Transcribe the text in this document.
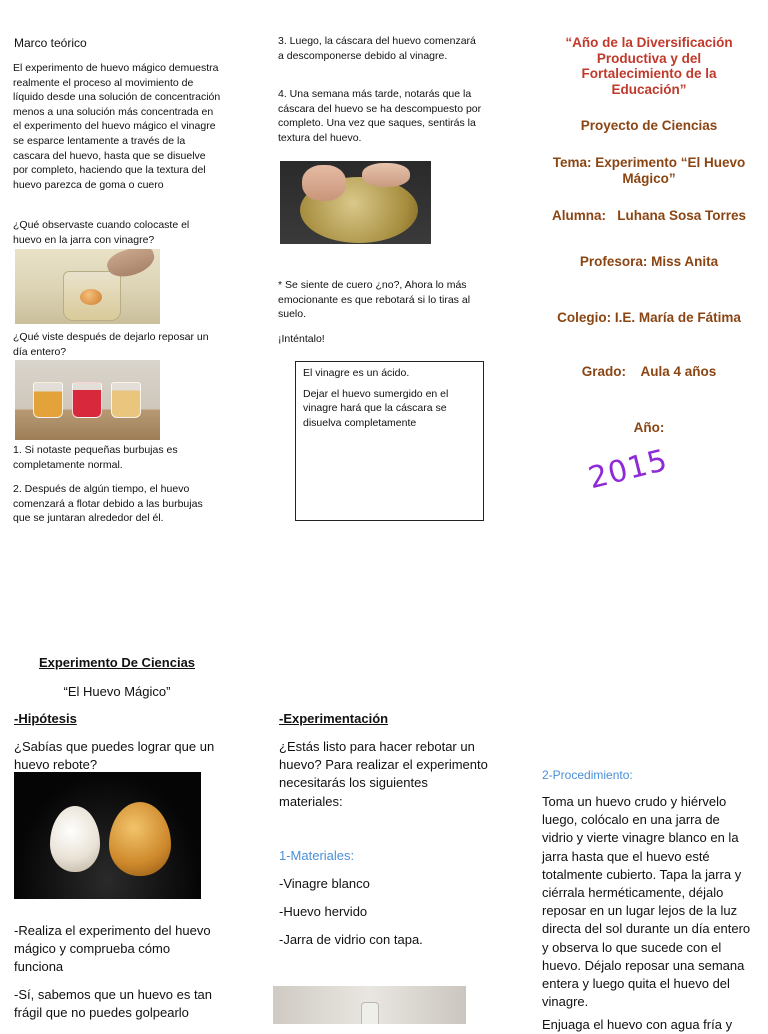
Marco teórico

El experimento de huevo mágico demuestra realmente el proceso al movimiento de líquido desde una solución de concentración menos a una solución más concentrada en el experimento del huevo mágico el vinagre se esparce lentamente a través de la cascara del huevo, hasta que se disuelve por completo, haciendo que la textura del huevo parezca de goma o cuero

¿Qué observaste cuando colocaste el huevo en la jarra con vinagre?

¿Qué viste después de dejarlo reposar un día entero?

1. Si notaste pequeñas burbujas es completamente normal.

2. Después de algún tiempo, el huevo comenzará a flotar debido a las burbujas que se juntaran alrededor del él.

3. Luego, la cáscara del huevo comenzará a descomponerse debido al vinagre.

4. Una semana más tarde, notarás que la cáscara del huevo se ha descompuesto por completo. Una vez que saques, sentirás la textura del huevo.

* Se siente de cuero ¿no?, Ahora lo más emocionante es que rebotará si lo tiras al suelo.

¡Inténtalo!

El vinagre es un ácido.

Dejar el huevo sumergido en el vinagre hará que la cáscara se disuelva completamente

“Año de la Diversificación Productiva y del Fortalecimiento de la Educación”

Proyecto de Ciencias

Tema: Experimento “El Huevo Mágico”

Alumna:   Luhana Sosa Torres

Profesora: Miss Anita

Colegio: I.E. María de Fátima

Grado:    Aula 4 años

Año:

2015

Experimento De Ciencias

“El Huevo Mágico”

-Hipótesis

¿Sabías que puedes lograr que un huevo rebote?

-Realiza el experimento del huevo mágico y comprueba cómo funciona

-Sí, sabemos que un huevo es tan frágil que no puedes golpearlo

-Experimentación

¿Estás listo para hacer rebotar un huevo? Para realizar el experimento necesitarás los siguientes materiales:

1-Materiales:

-Vinagre blanco

-Huevo hervido

-Jarra de vidrio con tapa.

2-Procedimiento:

Toma un huevo crudo y hiérvelo luego, colócalo en una jarra de vidrio y vierte vinagre blanco en la jarra hasta que el huevo esté totalmente cubierto. Tapa la jarra y ciérrala herméticamente, déjalo reposar en un lugar lejos de la luz directa del sol durante un día entero y observa lo que sucede con el huevo. Déjalo reposar una semana entera y luego quita el huevo del vinagre.

Enjuaga el huevo con agua fría y
